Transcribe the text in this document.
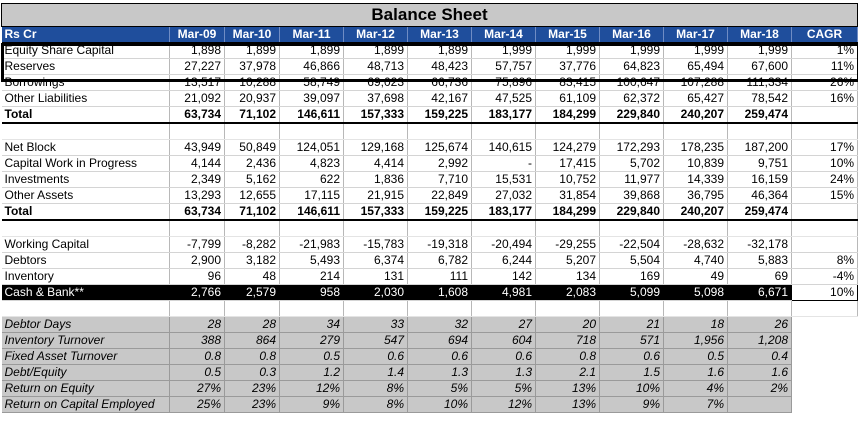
Balance Sheet											
Rs Cr	Mar-09	Mar-10	Mar-11	Mar-12	Mar-13	Mar-14	Mar-15	Mar-16	Mar-17	Mar-18	CAGR
Equity Share Capital	1,898	1,899	1,899	1,899	1,899	1,999	1,999	1,999	1,999	1,999	1%
Reserves	27,227	37,978	46,866	48,713	48,423	57,757	37,776	64,823	65,494	67,600	11%
Borrowings	13,517	10,288	58,749	69,023	66,736	75,896	83,415	100,647	107,288	111,334	26%
Other Liabilities	21,092	20,937	39,097	37,698	42,167	47,525	61,109	62,372	65,427	78,542	16%
Total	63,734	71,102	146,611	157,333	159,225	183,177	184,299	229,840	240,207	259,474	

Net Block	43,949	50,849	124,051	129,168	125,674	140,615	124,279	172,293	178,235	187,200	17%
Capital Work in Progress	4,144	2,436	4,823	4,414	2,992	-	17,415	5,702	10,839	9,751	10%
Investments	2,349	5,162	622	1,836	7,710	15,531	10,752	11,977	14,339	16,159	24%
Other Assets	13,293	12,655	17,115	21,915	22,849	27,032	31,854	39,868	36,795	46,364	15%
Total	63,734	71,102	146,611	157,333	159,225	183,177	184,299	229,840	240,207	259,474	

Working Capital	-7,799	-8,282	-21,983	-15,783	-19,318	-20,494	-29,255	-22,504	-28,632	-32,178	
Debtors	2,900	3,182	5,493	6,374	6,782	6,244	5,207	5,504	4,740	5,883	8%
Inventory	96	48	214	131	111	142	134	169	49	69	-4%
Cash & Bank**	2,766	2,579	958	2,030	1,608	4,981	2,083	5,099	5,098	6,671	10%

Debtor Days	28	28	34	33	32	27	20	21	18	26	
Inventory Turnover	388	864	279	547	694	604	718	571	1,956	1,208	
Fixed Asset Turnover	0.8	0.8	0.5	0.6	0.6	0.6	0.8	0.6	0.5	0.4	
Debt/Equity	0.5	0.3	1.2	1.4	1.3	1.3	2.1	1.5	1.6	1.6	
Return on Equity	27%	23%	12%	8%	5%	5%	13%	10%	4%	2%	
Return on Capital Employed	25%	23%	9%	8%	10%	12%	13%	9%	7%		
